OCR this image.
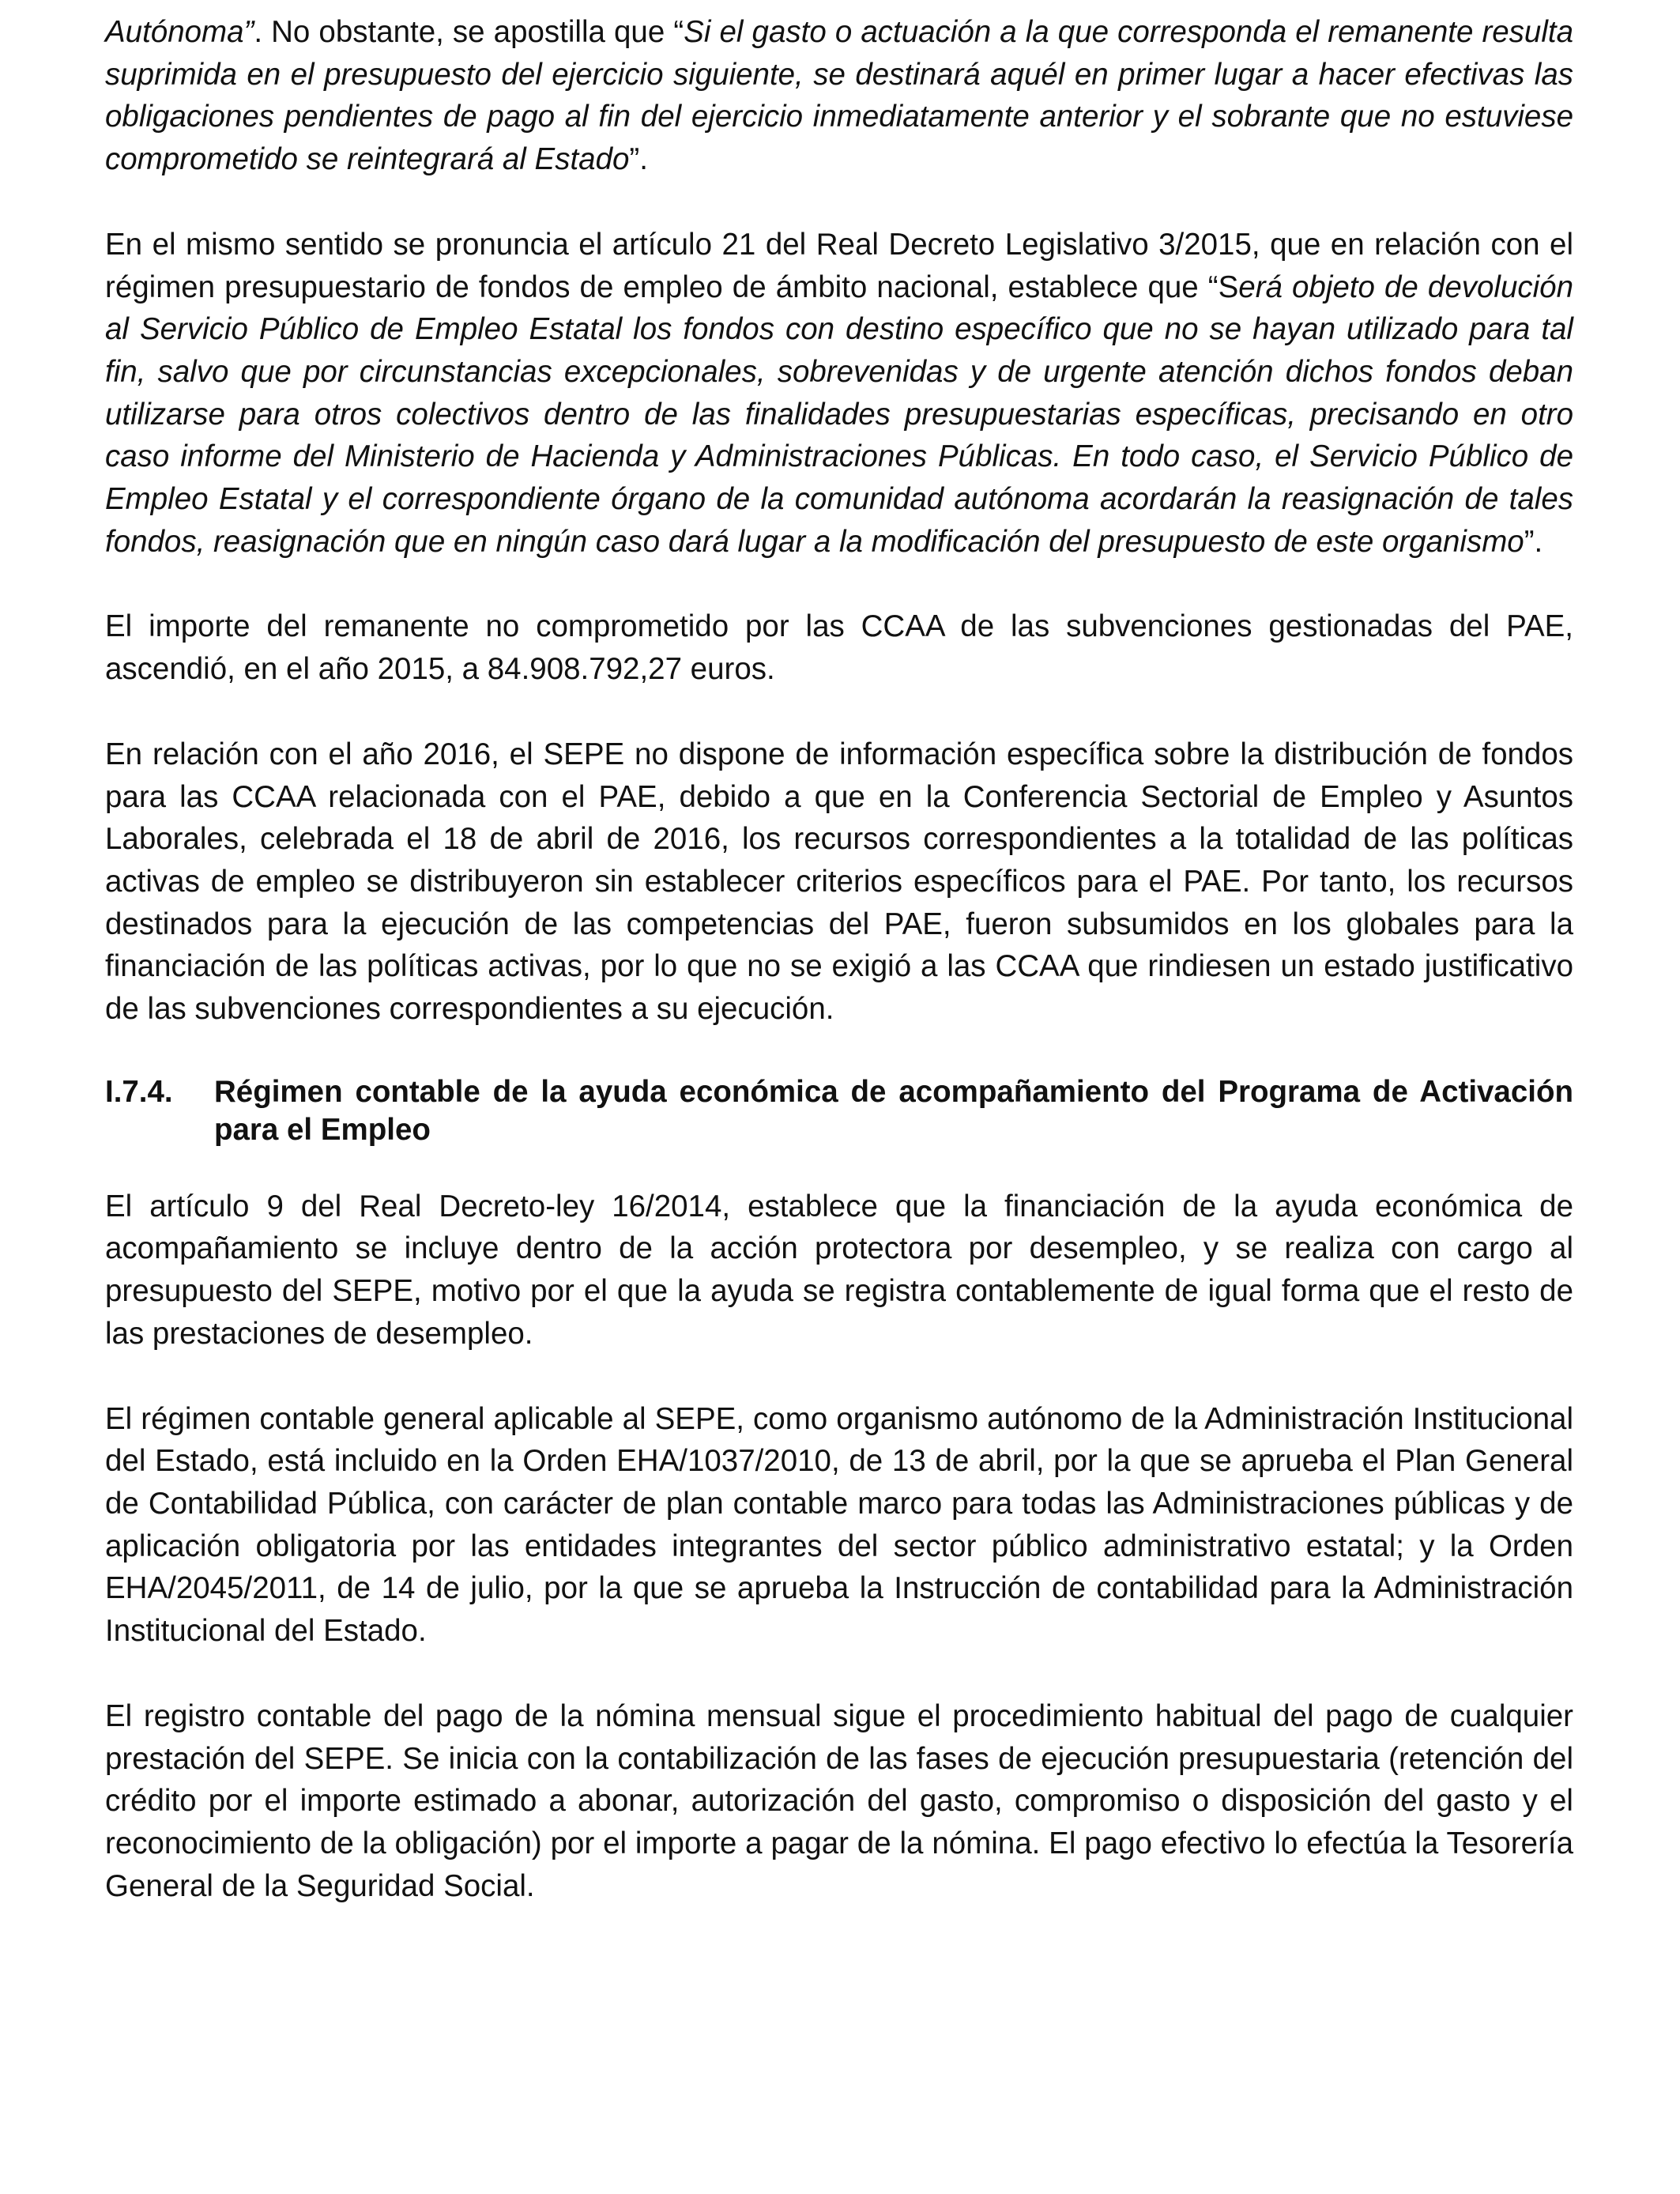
Autónoma”. No obstante, se apostilla que “Si el gasto o actuación a la que corresponda el remanente resulta suprimida en el presupuesto del ejercicio siguiente, se destinará aquél en primer lugar a hacer efectivas las obligaciones pendientes de pago al fin del ejercicio inmediatamente anterior y el sobrante que no estuviese comprometido se reintegrará al Estado”.

En el mismo sentido se pronuncia el artículo 21 del Real Decreto Legislativo 3/2015, que en relación con el régimen presupuestario de fondos de empleo de ámbito nacional, establece que “Será objeto de devolución al Servicio Público de Empleo Estatal los fondos con destino específico que no se hayan utilizado para tal fin, salvo que por circunstancias excepcionales, sobrevenidas y de urgente atención dichos fondos deban utilizarse para otros colectivos dentro de las finalidades presupuestarias específicas, precisando en otro caso informe del Ministerio de Hacienda y Administraciones Públicas. En todo caso, el Servicio Público de Empleo Estatal y el correspondiente órgano de la comunidad autónoma acordarán la reasignación de tales fondos, reasignación que en ningún caso dará lugar a la modificación del presupuesto de este organismo”.

El importe del remanente no comprometido por las CCAA de las subvenciones gestionadas del PAE, ascendió, en el año 2015, a 84.908.792,27 euros.

En relación con el año 2016, el SEPE no dispone de información específica sobre la distribución de fondos para las CCAA relacionada con el PAE, debido a que en la Conferencia Sectorial de Empleo y Asuntos Laborales, celebrada el 18 de abril de 2016, los recursos correspondientes a la totalidad de las políticas activas de empleo se distribuyeron sin establecer criterios específicos para el PAE. Por tanto, los recursos destinados para la ejecución de las competencias del PAE, fueron subsumidos en los globales para la financiación de las políticas activas, por lo que no se exigió a las CCAA que rindiesen un estado justificativo de las subvenciones correspondientes a su ejecución.

I.7.4.	Régimen contable de la ayuda económica de acompañamiento del Programa de Activación para el Empleo

El artículo 9 del Real Decreto-ley 16/2014, establece que la financiación de la ayuda económica de acompañamiento se incluye dentro de la acción protectora por desempleo, y se realiza con cargo al presupuesto del SEPE, motivo por el que la ayuda se registra contablemente de igual forma que el resto de las prestaciones de desempleo.

El régimen contable general aplicable al SEPE, como organismo autónomo de la Administración Institucional del Estado, está incluido en la Orden EHA/1037/2010, de 13 de abril, por la que se aprueba el Plan General de Contabilidad Pública, con carácter de plan contable marco para todas las Administraciones públicas y de aplicación obligatoria por las entidades integrantes del sector público administrativo estatal; y la Orden EHA/2045/2011, de 14 de julio, por la que se aprueba la Instrucción de contabilidad para la Administración Institucional del Estado.

El registro contable del pago de la nómina mensual sigue el procedimiento habitual del pago de cualquier prestación del SEPE. Se inicia con la contabilización de las fases de ejecución presupuestaria (retención del crédito por el importe estimado a abonar, autorización del gasto, compromiso o disposición del gasto y el reconocimiento de la obligación) por el importe a pagar de la nómina. El pago efectivo lo efectúa la Tesorería General de la Seguridad Social.
